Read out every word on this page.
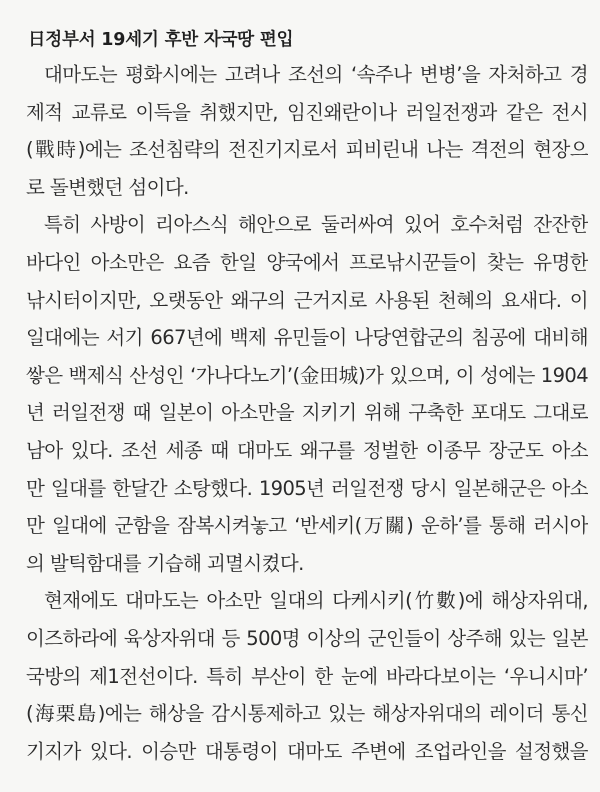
日정부서 19세기 후반 자국땅 편입
대마도는 평화시에는 고려나 조선의 ‘속주나 변병’을 자처하고 경
제적 교류로 이득을 취했지만, 임진왜란이나 러일전쟁과 같은 전시
(戰時)에는 조선침략의 전진기지로서 피비린내 나는 격전의 현장으
로 돌변했던 섬이다.
특히 사방이 리아스식 해안으로 둘러싸여 있어 호수처럼 잔잔한
바다인 아소만은 요즘 한일 양국에서 프로낚시꾼들이 찾는 유명한
낚시터이지만, 오랫동안 왜구의 근거지로 사용된 천혜의 요새다. 이
일대에는 서기 667년에 백제 유민들이 나당연합군의 침공에 대비해
쌓은 백제식 산성인 ‘가나다노기’(金田城)가 있으며, 이 성에는 1904
년 러일전쟁 때 일본이 아소만을 지키기 위해 구축한 포대도 그대로
남아 있다. 조선 세종 때 대마도 왜구를 정벌한 이종무 장군도 아소
만 일대를 한달간 소탕했다. 1905년 러일전쟁 당시 일본해군은 아소
만 일대에 군함을 잠복시켜놓고 ‘반세키(万關) 운하’를 통해 러시아
의 발틱함대를 기습해 괴멸시켰다.
현재에도 대마도는 아소만 일대의 다케시키(竹數)에 해상자위대,
이즈하라에 육상자위대 등 500명 이상의 군인들이 상주해 있는 일본
국방의 제1전선이다. 특히 부산이 한 눈에 바라다보이는 ‘우니시마’
(海栗島)에는 해상을 감시통제하고 있는 해상자위대의 레이더 통신
기지가 있다. 이승만 대통령이 대마도 주변에 조업라인을 설정했을
